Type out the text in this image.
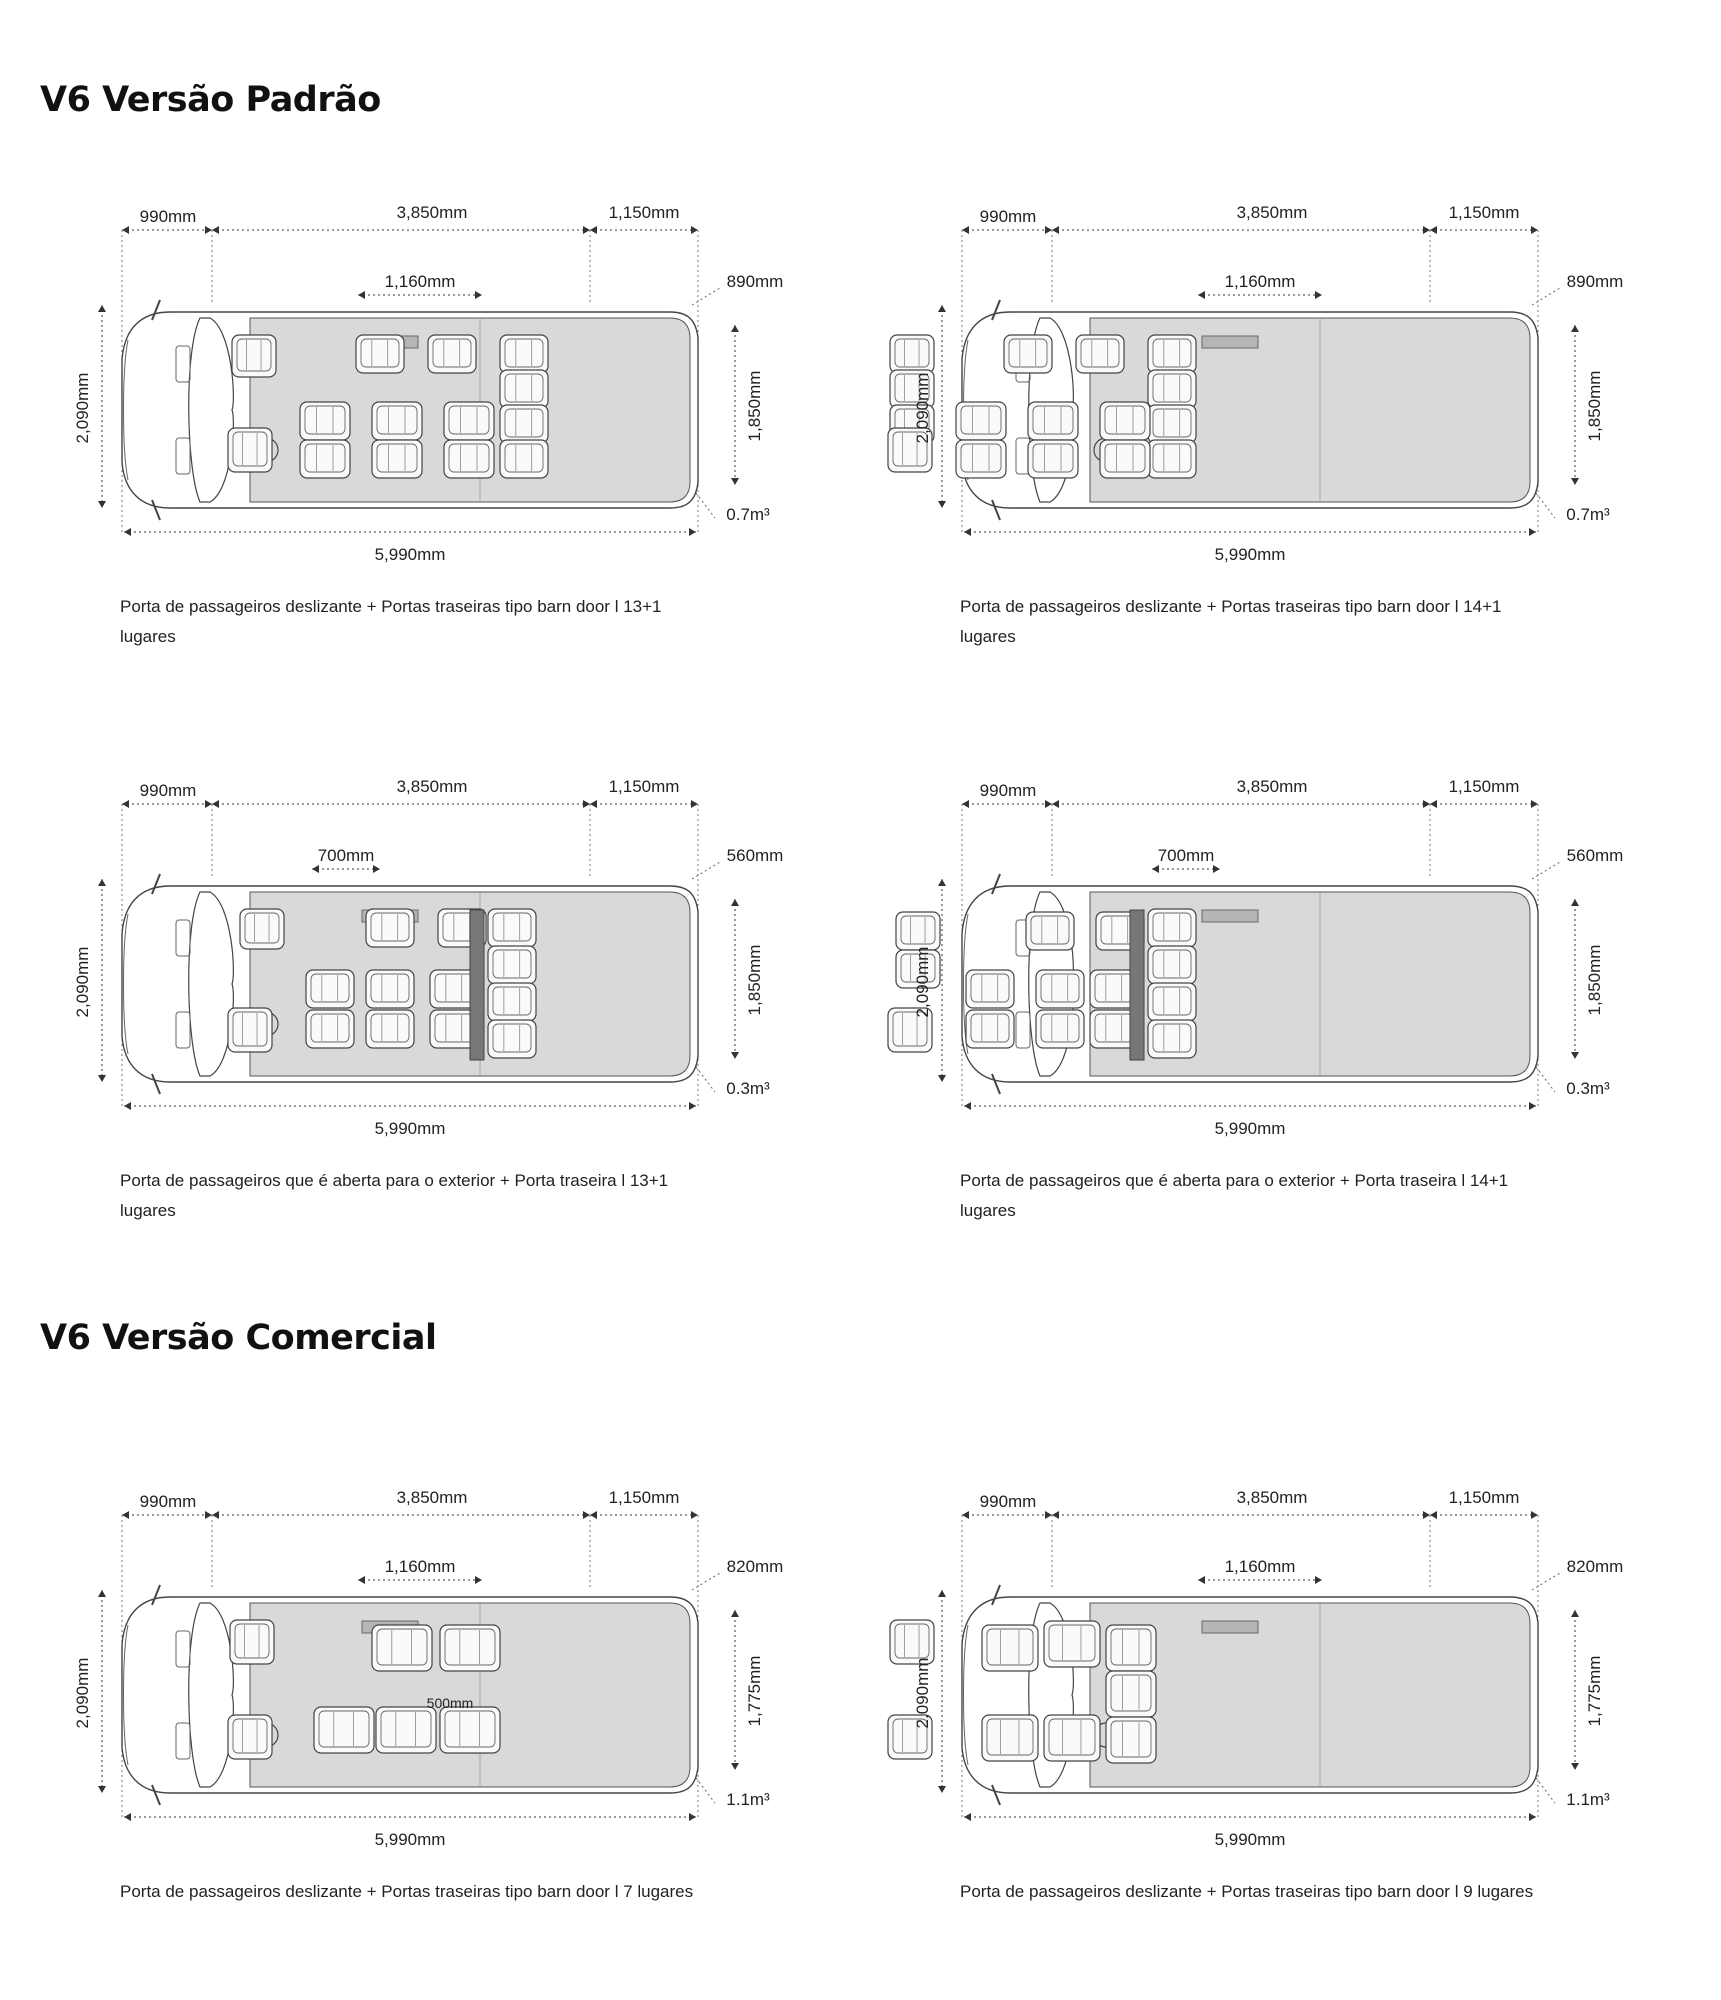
V6 Versão Padrão
V6 Versão Comercial
990mm	3,850mm	1,150mm
1,160mm	890mm
5,990mm
0.7m³
2,090mm	1,850mm
Porta de passageiros deslizante + Portas traseiras tipo barn door l 13+1 lugares
990mm	3,850mm	1,150mm
1,160mm	890mm
5,990mm
0.7m³
2,090mm	1,850mm
Porta de passageiros deslizante + Portas traseiras tipo barn door l 14+1 lugares
990mm	3,850mm	1,150mm
700mm	560mm
5,990mm
0.3m³
2,090mm	1,850mm
Porta de passageiros que é aberta para o exterior + Porta traseira l 13+1 lugares
990mm	3,850mm	1,150mm
700mm	560mm
5,990mm
0.3m³
2,090mm	1,850mm
Porta de passageiros que é aberta para o exterior + Porta traseira l 14+1 lugares
990mm	3,850mm	1,150mm
1,160mm	820mm
5,990mm
1.1m³
2,090mm	1,775mm
500mm
Porta de passageiros deslizante + Portas traseiras tipo barn door l 7 lugares
990mm	3,850mm	1,150mm
1,160mm	820mm
5,990mm
1.1m³
2,090mm	1,775mm
Porta de passageiros deslizante + Portas traseiras tipo barn door l 9 lugares
